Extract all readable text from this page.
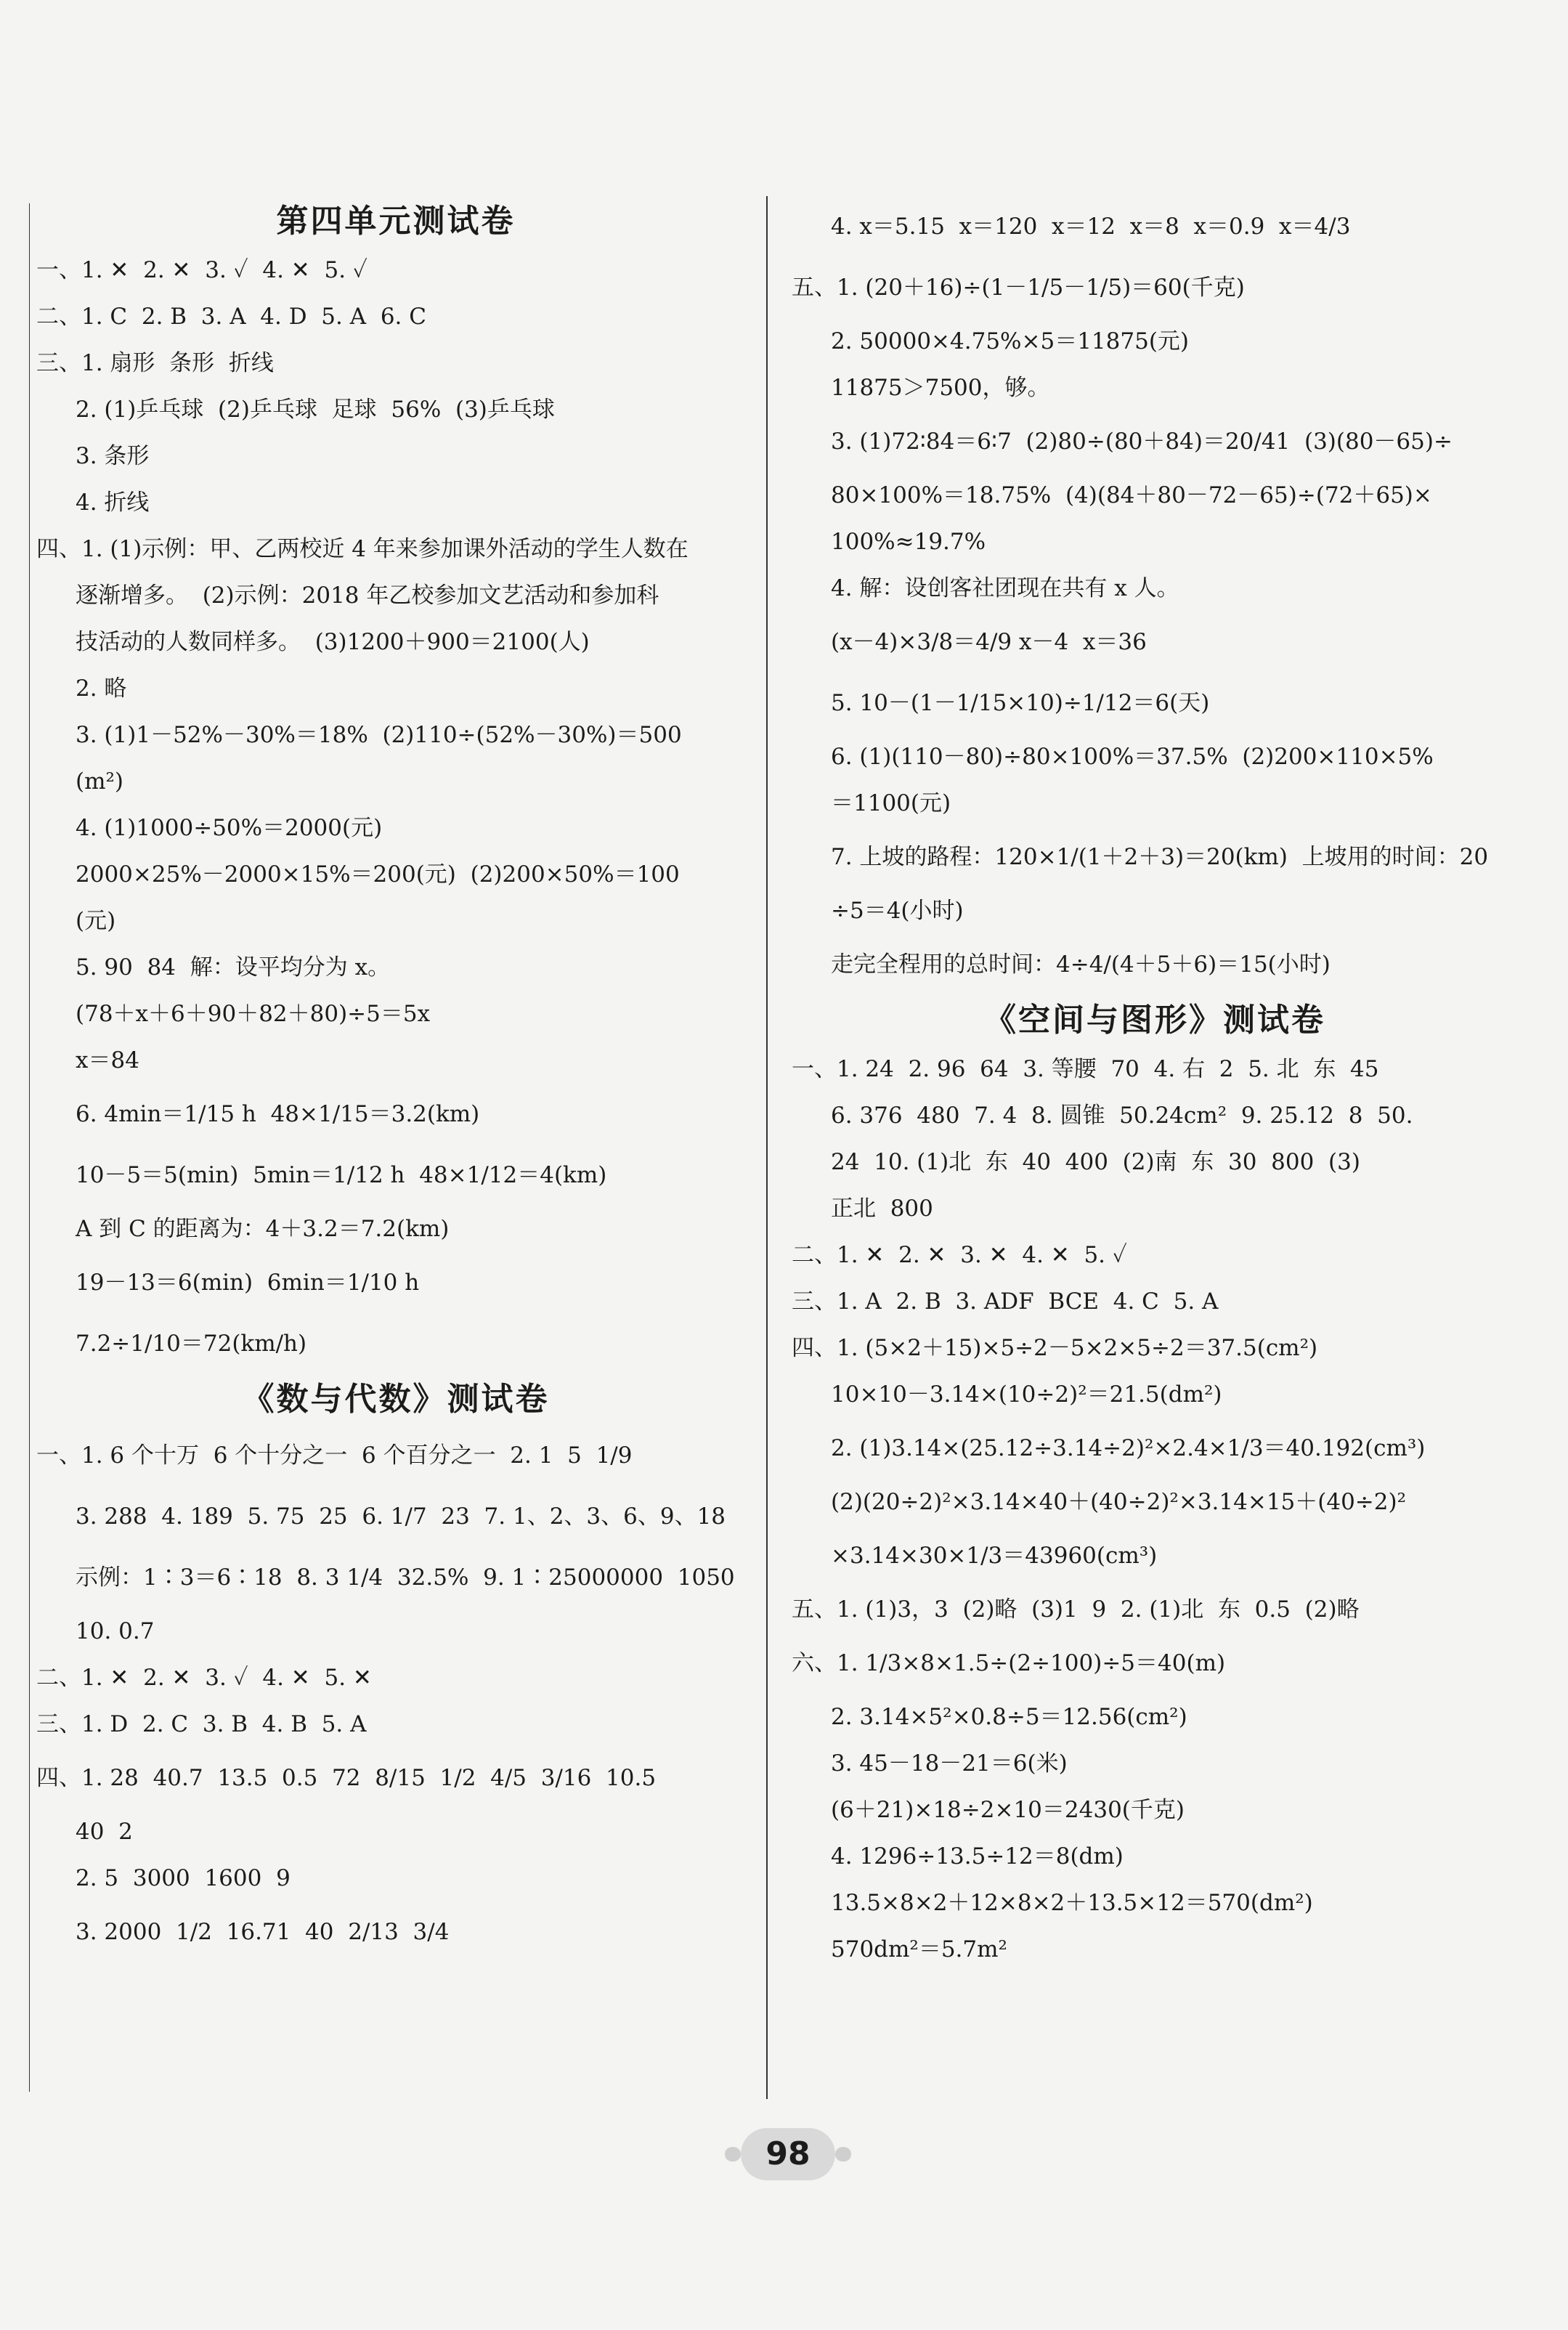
第四单元测试卷
一、1. ✕  2. ✕  3. ✓  4. ✕  5. ✓
二、1. C  2. B  3. A  4. D  5. A  6. C
三、1. 扇形  条形  折线
2. (1)乒乓球  (2)乒乓球  足球  56%  (3)乒乓球
3. 条形
4. 折线
四、1. (1)示例：甲、乙两校近 4 年来参加课外活动的学生人数在
逐渐增多。  (2)示例：2018 年乙校参加文艺活动和参加科
技活动的人数同样多。  (3)1200＋900＝2100(人)
2. 略
3. (1)1－52%－30%＝18%  (2)110÷(52%－30%)＝500
(m²)
4. (1)1000÷50%＝2000(元)
2000×25%－2000×15%＝200(元)  (2)200×50%＝100
(元)
5. 90  84  解：设平均分为 x。
(78＋x＋6＋90＋82＋80)÷5＝5x
x＝84
6. 4min＝1/15 h  48×1/15＝3.2(km)
10－5＝5(min)  5min＝1/12 h  48×1/12＝4(km)
A 到 C 的距离为：4＋3.2＝7.2(km)
19－13＝6(min)  6min＝1/10 h
7.2÷1/10＝72(km/h)
《数与代数》测试卷
一、1. 6 个十万  6 个十分之一  6 个百分之一  2. 1  5  1/9
3. 288  4. 189  5. 75  25  6. 1/7  23  7. 1、2、3、6、9、18
示例：1∶3＝6∶18  8. 3 1/4  32.5%  9. 1∶25000000  1050
10. 0.7
二、1. ✕  2. ✕  3. ✓  4. ✕  5. ✕
三、1. D  2. C  3. B  4. B  5. A
四、1. 28  40.7  13.5  0.5  72  8/15  1/2  4/5  3/16  10.5
40  2
2. 5  3000  1600  9
3. 2000  1/2  16.71  40  2/13  3/4
4. x＝5.15  x＝120  x＝12  x＝8  x＝0.9  x＝4/3
五、1. (20＋16)÷(1－1/5－1/5)＝60(千克)
2. 50000×4.75%×5＝11875(元)
11875＞7500，够。
3. (1)72∶84＝6∶7  (2)80÷(80＋84)＝20/41  (3)(80－65)÷
80×100%＝18.75%  (4)(84＋80－72－65)÷(72＋65)×
100%≈19.7%
4. 解：设创客社团现在共有 x 人。
(x－4)×3/8＝4/9 x－4  x＝36
5. 10－(1－1/15×10)÷1/12＝6(天)
6. (1)(110－80)÷80×100%＝37.5%  (2)200×110×5%
＝1100(元)
7. 上坡的路程：120×1/(1＋2＋3)＝20(km)  上坡用的时间：20
÷5＝4(小时)
走完全程用的总时间：4÷4/(4＋5＋6)＝15(小时)
《空间与图形》测试卷
一、1. 24  2. 96  64  3. 等腰  70  4. 右  2  5. 北  东  45
6. 376  480  7. 4  8. 圆锥  50.24cm²  9. 25.12  8  50.
24  10. (1)北  东  40  400  (2)南  东  30  800  (3)
正北  800
二、1. ✕  2. ✕  3. ✕  4. ✕  5. ✓
三、1. A  2. B  3. ADF  BCE  4. C  5. A
四、1. (5×2＋15)×5÷2－5×2×5÷2＝37.5(cm²)
10×10－3.14×(10÷2)²＝21.5(dm²)
2. (1)3.14×(25.12÷3.14÷2)²×2.4×1/3＝40.192(cm³)
(2)(20÷2)²×3.14×40＋(40÷2)²×3.14×15＋(40÷2)²
×3.14×30×1/3＝43960(cm³)
五、1. (1)3，3  (2)略  (3)1  9  2. (1)北  东  0.5  (2)略
六、1. 1/3×8×1.5÷(2÷100)÷5＝40(m)
2. 3.14×5²×0.8÷5＝12.56(cm²)
3. 45－18－21＝6(米)
(6＋21)×18÷2×10＝2430(千克)
4. 1296÷13.5÷12＝8(dm)
13.5×8×2＋12×8×2＋13.5×12＝570(dm²)
570dm²＝5.7m²
98
